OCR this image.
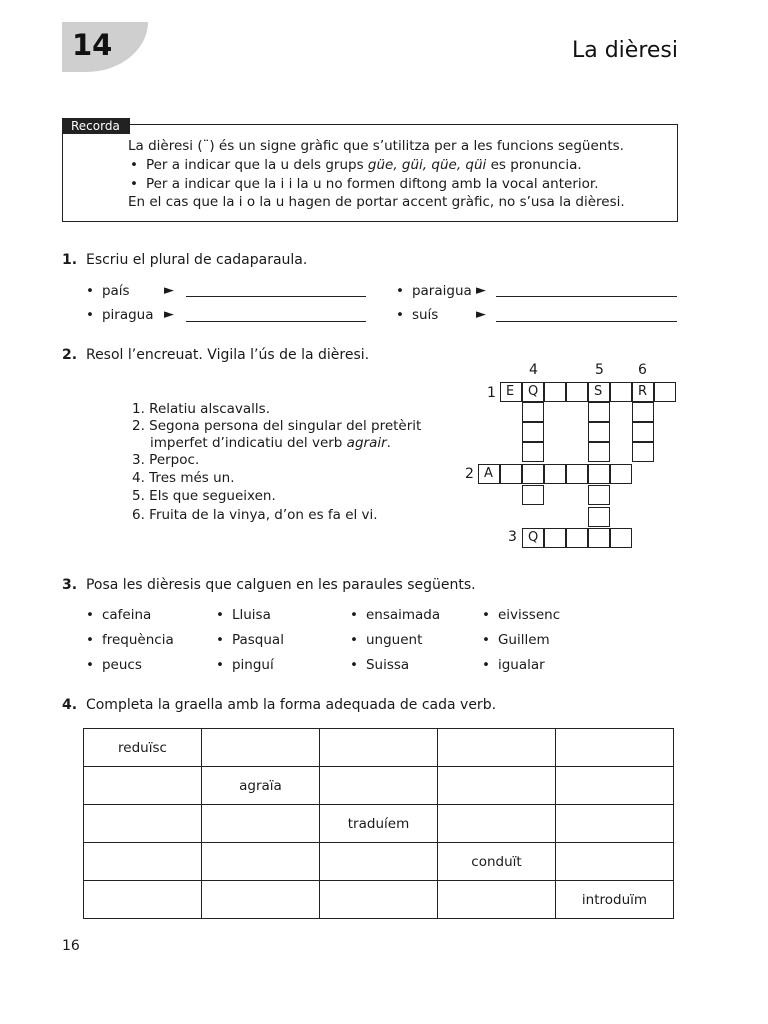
14	La dièresi
Recorda
La dièresi (¨) és un signe gràfic que s’utilitza per a les funcions següents.
• Per a indicar que la u dels grups güe, güi, qüe, qüi es pronuncia.
• Per a indicar que la i i la u no formen diftong amb la vocal anterior.
En el cas que la i o la u hagen de portar accent gràfic, no s’usa la dièresi.
1. Escriu el plural de cadaparaula.
• país	►	• paraigua ►
• piragua ►	• suís	►
2. Resol l’encreuat. Vigila l’ús de la dièresi.
1. Relatiu alscavalls.
2. Segona persona del singular del pretèrit
imperfet d’indicatiu del verb agrair.
3. Perpoc.
4. Tres més un.
5. Els que segueixen.
6. Fruita de la vinya, d’on es fa el vi.
4	5 6
1
2
3
E	Q	S	R
A
Q
3. Posa les dièresis que calguen en les paraules següents.
• cafeina	• Lluisa	• ensaimada	• eivissenc
• frequència	• Pasqual	• unguent	• Guillem
• peucs	• pinguí	• Suissa	• igualar
4. Completa la graella amb la forma adequada de cada verb.
reduïsc				
	agraïa			
		traduíem		
			conduït	
				introduïm
16
